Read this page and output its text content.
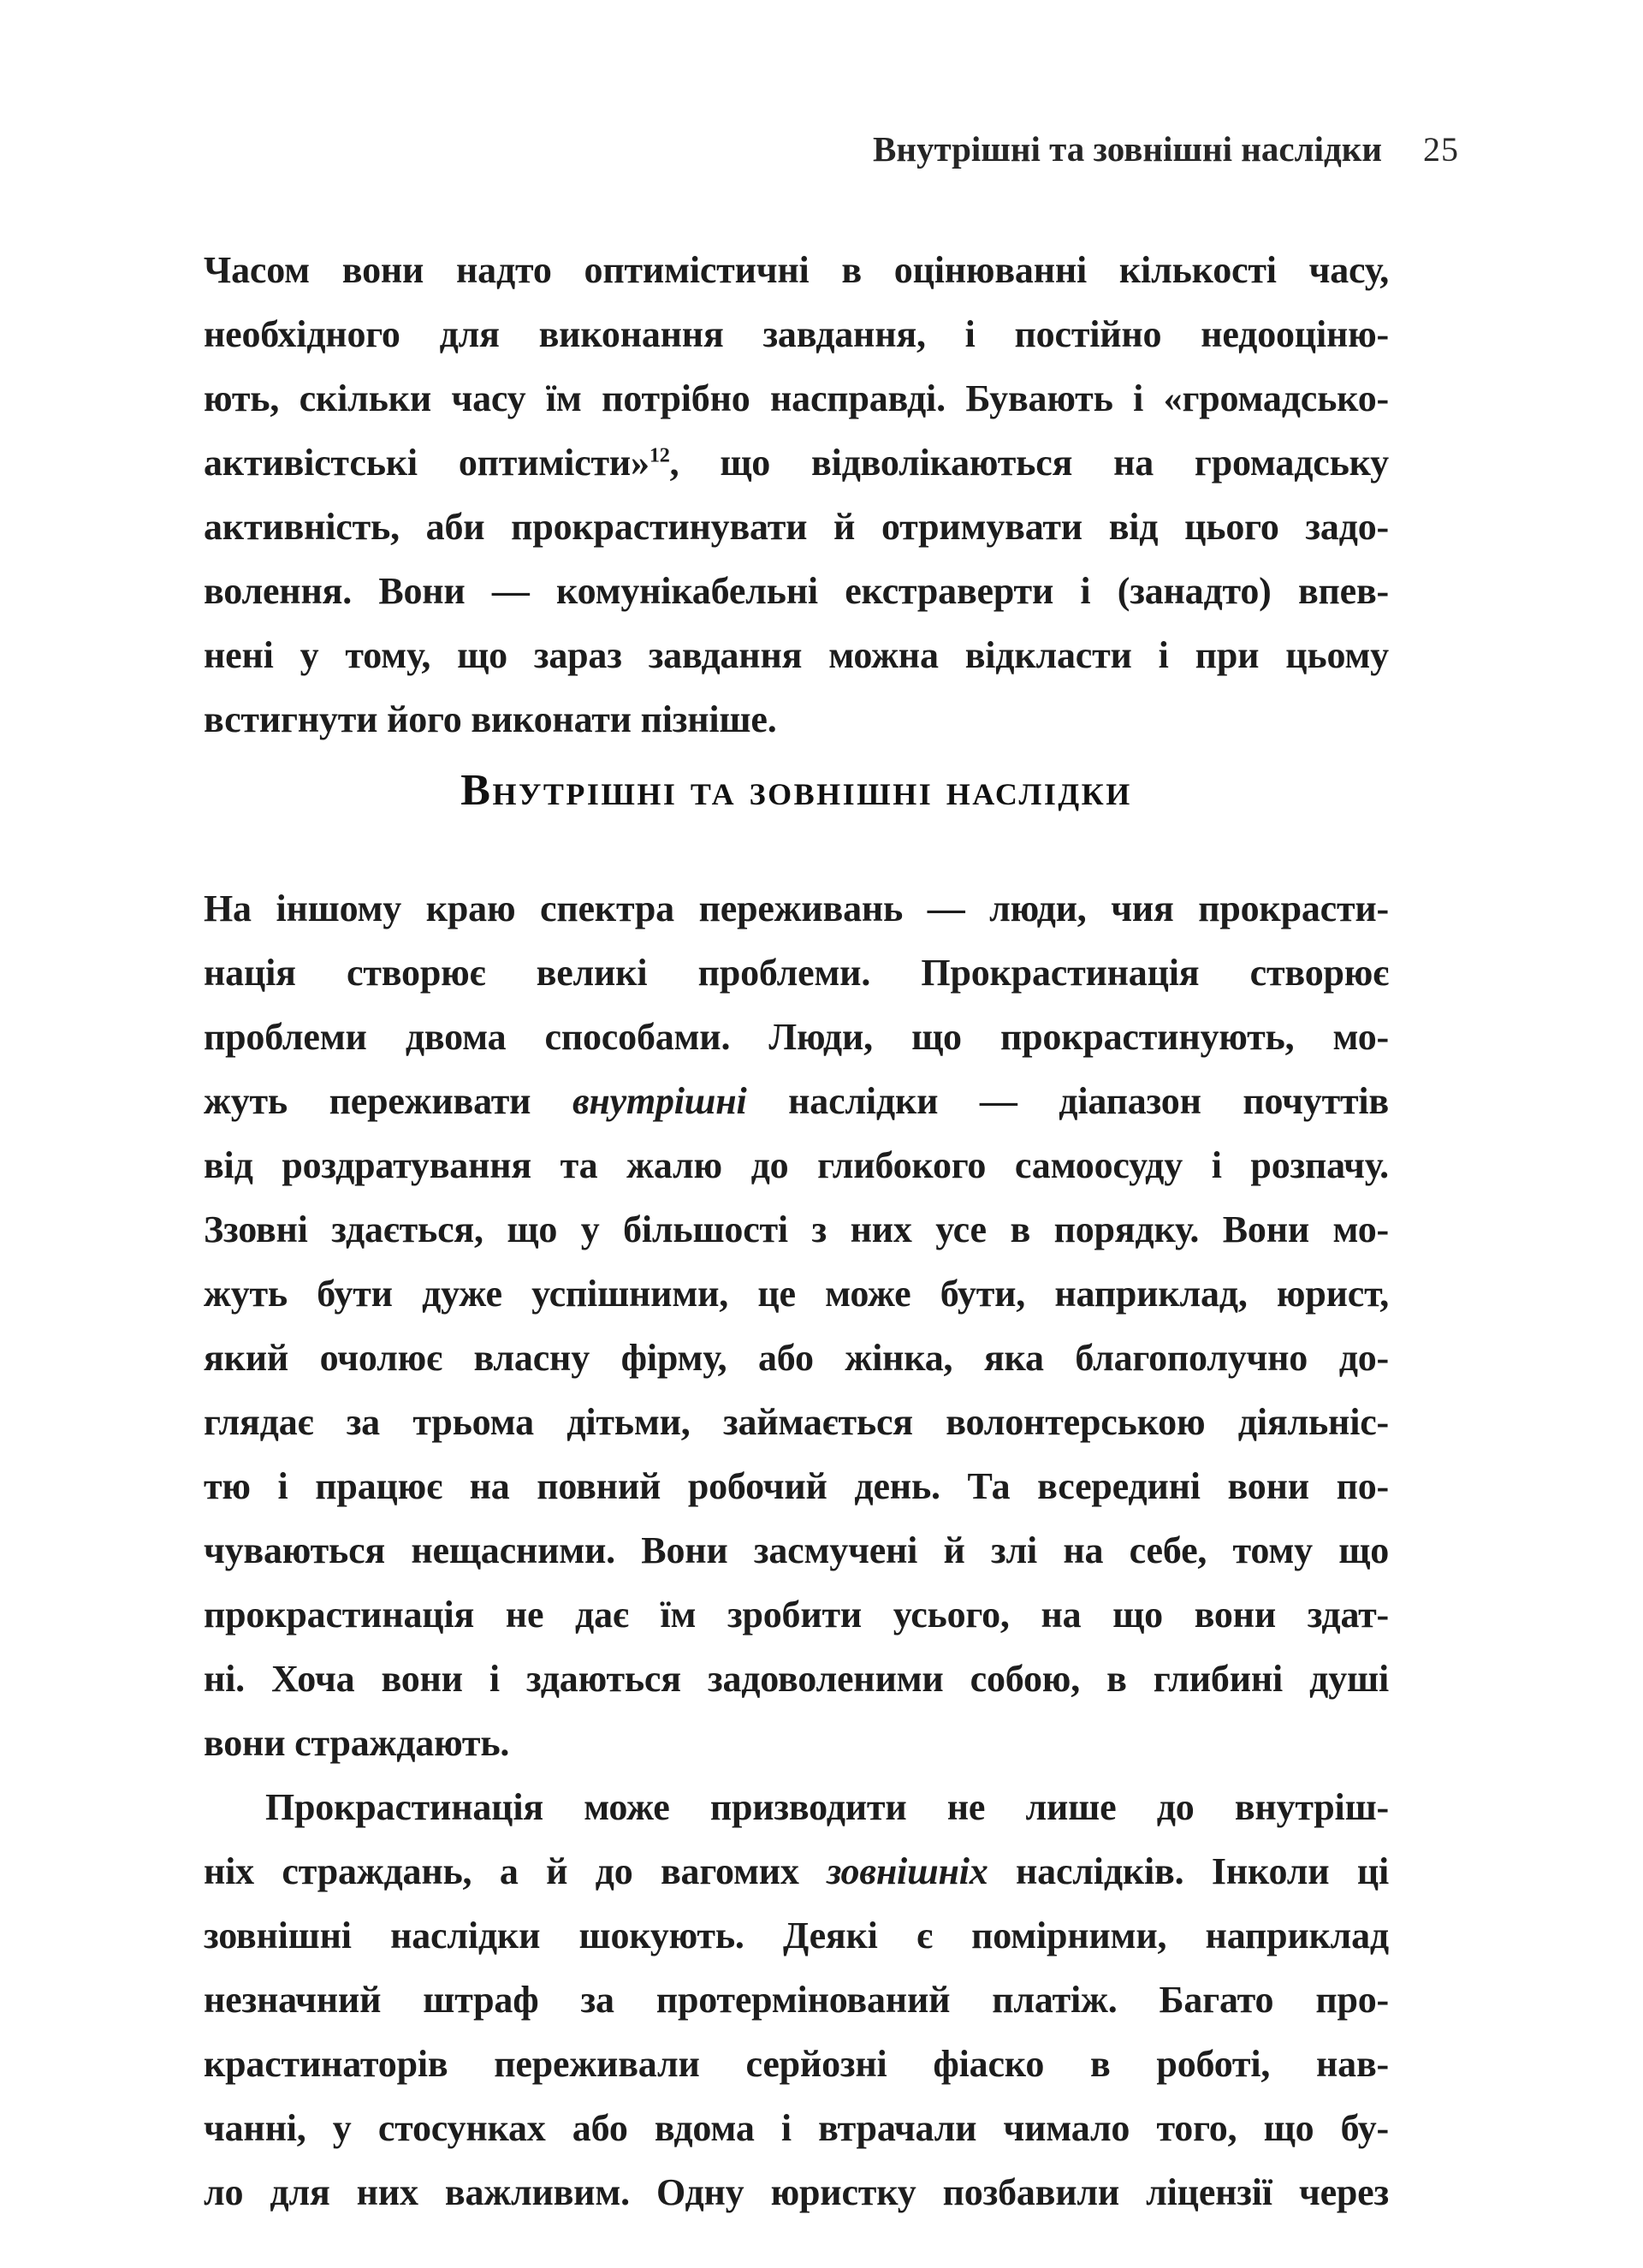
Внутрішні та зовнішні наслідки 25
Часом вони надто оптимістичні в оцінюванні кількості часу,
необхідного для виконання завдання, і постійно недооціню-
ють, скільки часу їм потрібно насправді. Бувають і «громадсько-
активістські оптимісти»$^{12}$, що відволікаються на громадську
активність, аби прокрастинувати й отримувати від цього задо-
волення. Вони — комунікабельні екстраверти і (занадто) впев-
нені у тому, що зараз завдання можна відкласти і при цьому
встигнути його виконати пізніше.
Внутрішні та зовнішні наслідки
На іншому краю спектра переживань — люди, чия прокрасти-
нація створює великі проблеми. Прокрастинація створює
проблеми двома способами. Люди, що прокрастинують, мо-
жуть переживати внутрішні наслідки — діапазон почуттів
від роздратування та жалю до глибокого самоосуду і розпачу.
Ззовні здається, що у більшості з них усе в порядку. Вони мо-
жуть бути дуже успішними, це може бути, наприклад, юрист,
який очолює власну фірму, або жінка, яка благополучно до-
глядає за трьома дітьми, займається волонтерською діяльніс-
тю і працює на повний робочий день. Та всередині вони по-
чуваються нещасними. Вони засмучені й злі на себе, тому що
прокрастинація не дає їм зробити усього, на що вони здат-
ні. Хоча вони і здаються задоволеними собою, в глибині душі
вони страждають.
Прокрастинація може призводити не лише до внутріш-
ніх страждань, а й до вагомих зовнішніх наслідків. Інколи ці
зовнішні наслідки шокують. Деякі є помірними, наприклад
незначний штраф за протермінований платіж. Багато про-
крастинаторів переживали серйозні фіаско в роботі, нав-
чанні, у стосунках або вдома і втрачали чимало того, що бу-
ло для них важливим. Одну юристку позбавили ліцензії через
